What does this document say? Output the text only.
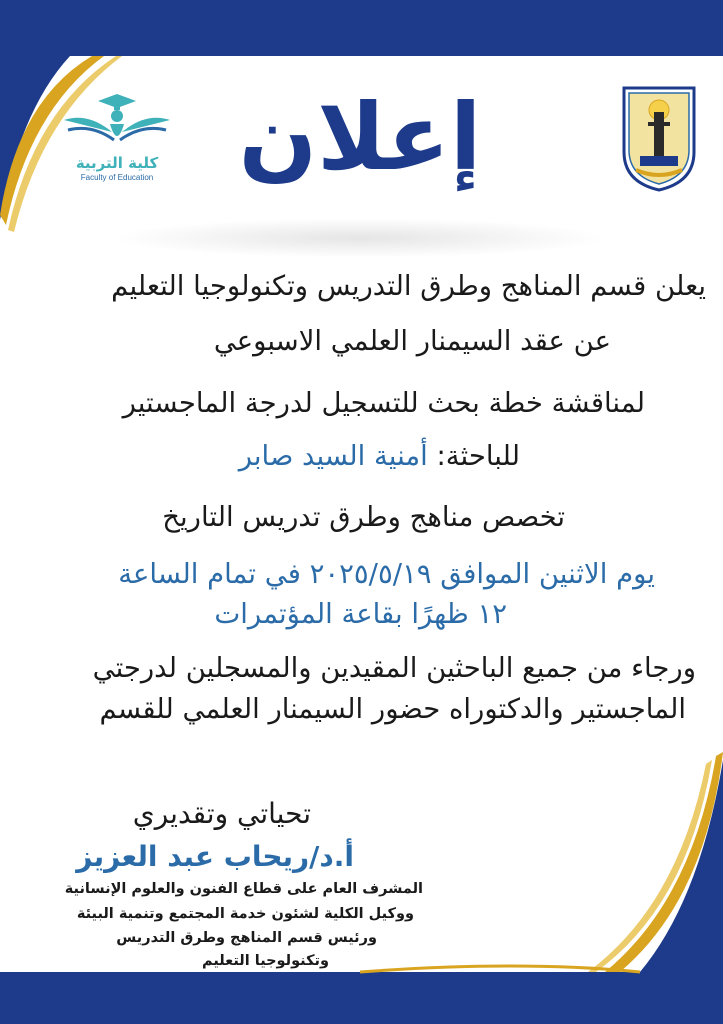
إعلان
كلية التربية
Faculty of Education
يعلن قسم المناهج وطرق التدريس وتكنولوجيا التعليم
عن عقد السيمنار العلمي الاسبوعي
لمناقشة خطة بحث للتسجيل لدرجة الماجستير
للباحثة: أمنية السيد صابر
تخصص مناهج وطرق تدريس التاريخ
يوم الاثنين الموافق ٢٠٢٥/٥/١٩ في تمام الساعة
١٢ ظهرًا بقاعة المؤتمرات
ورجاء من جميع الباحثين المقيدين والمسجلين لدرجتي
الماجستير والدكتوراه حضور السيمنار العلمي للقسم
تحياتي وتقديري
أ.د/ريحاب عبد العزيز
المشرف العام على قطاع الفنون والعلوم الإنسانية
ووكيل الكلية لشئون خدمة المجتمع وتنمية البيئة
ورئيس قسم المناهج وطرق التدريس
وتكنولوجيا التعليم
